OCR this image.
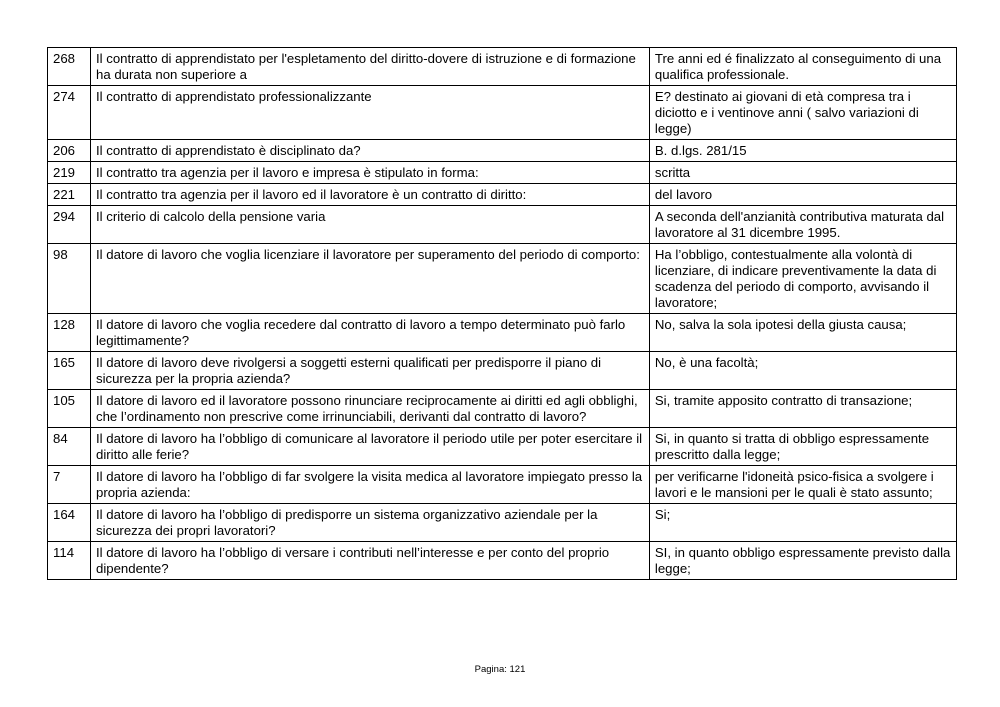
268	Il contratto di apprendistato per l'espletamento del diritto-dovere di istruzione e di formazione ha durata non superiore a	Tre anni ed é finalizzato al conseguimento di una qualifica professionale.
274	Il contratto di apprendistato professionalizzante	E? destinato ai giovani di età compresa tra i diciotto e i ventinove anni ( salvo variazioni di legge)
206	Il contratto di apprendistato è disciplinato da?	B. d.lgs. 281/15
219	Il contratto tra agenzia per il lavoro e impresa è stipulato in forma:	scritta
221	Il contratto tra agenzia per il lavoro ed il lavoratore è un contratto di diritto:	del lavoro
294	Il criterio di calcolo della pensione varia	A seconda dell'anzianità contributiva maturata dal lavoratore al 31 dicembre 1995.
98	Il datore di lavoro che voglia licenziare il lavoratore per superamento del periodo di comporto:	Ha l’obbligo, contestualmente alla volontà di licenziare, di indicare preventivamente la data di scadenza del periodo di comporto, avvisando il lavoratore;
128	Il datore di lavoro che voglia recedere dal contratto di lavoro a tempo determinato può farlo legittimamente?	No, salva la sola ipotesi della giusta causa;
165	Il datore di lavoro deve rivolgersi a soggetti esterni qualificati per predisporre il piano di sicurezza per la propria azienda?	No, è una facoltà;
105	Il datore di lavoro ed il lavoratore possono rinunciare reciprocamente ai diritti ed agli obblighi, che l’ordinamento non prescrive come irrinunciabili, derivanti dal contratto di lavoro?	Si, tramite apposito contratto di transazione;
84	Il datore di lavoro ha l’obbligo di comunicare al lavoratore il periodo utile per poter esercitare il diritto alle ferie?	Si, in quanto si tratta di obbligo espressamente prescritto dalla legge;
7	Il datore di lavoro ha l’obbligo di far svolgere la visita medica al lavoratore impiegato presso la propria azienda:	per verificarne l'idoneità psico-fisica a svolgere i lavori e le mansioni per le quali è stato assunto;
164	Il datore di lavoro ha l’obbligo di predisporre un sistema organizzativo aziendale per la sicurezza dei propri lavoratori?	Si;
114	Il datore di lavoro ha l’obbligo di versare i contributi nell’interesse e per conto del proprio dipendente?	SI, in quanto obbligo espressamente previsto dalla legge;
Pagina: 121
